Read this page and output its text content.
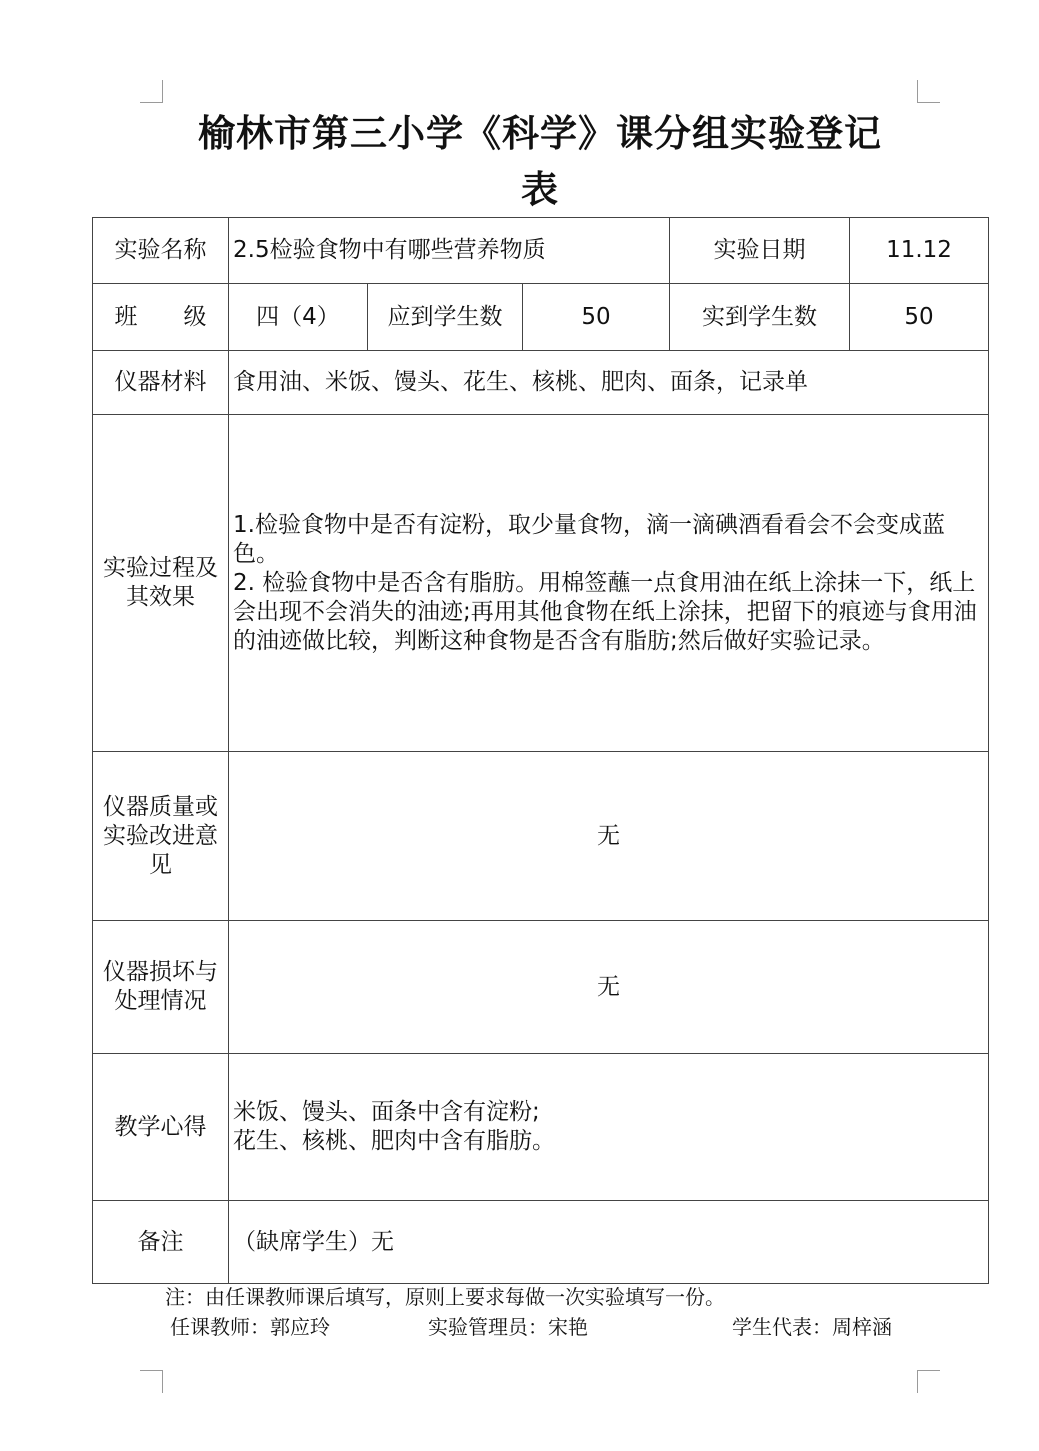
榆林市第三小学《科学》课分组实验登记
表
实验名称	2.5检验食物中有哪些营养物质			实验日期	11.12
班　　级	四（4）	应到学生数	50	实到学生数	50
仪器材料	食用油、米饭、馒头、花生、核桃、肥肉、面条，记录单				
实验过程及其效果	1.检验食物中是否有淀粉，取少量食物，滴一滴碘酒看看会不会变成蓝色。
2. 检验食物中是否含有脂肪。用棉签蘸一点食用油在纸上涂抹一下，纸上会出现不会消失的油迹;再用其他食物在纸上涂抹，把留下的痕迹与食用油的油迹做比较，判断这种食物是否含有脂肪;然后做好实验记录。				
仪器质量或实验改进意见	无				
仪器损坏与处理情况	无				
教学心得	米饭、馒头、面条中含有淀粉;
花生、核桃、肥肉中含有脂肪。				
备注	（缺席学生）无				
注：由任课教师课后填写，原则上要求每做一次实验填写一份。
任课教师：郭应玲	实验管理员：宋艳	学生代表：周梓涵
